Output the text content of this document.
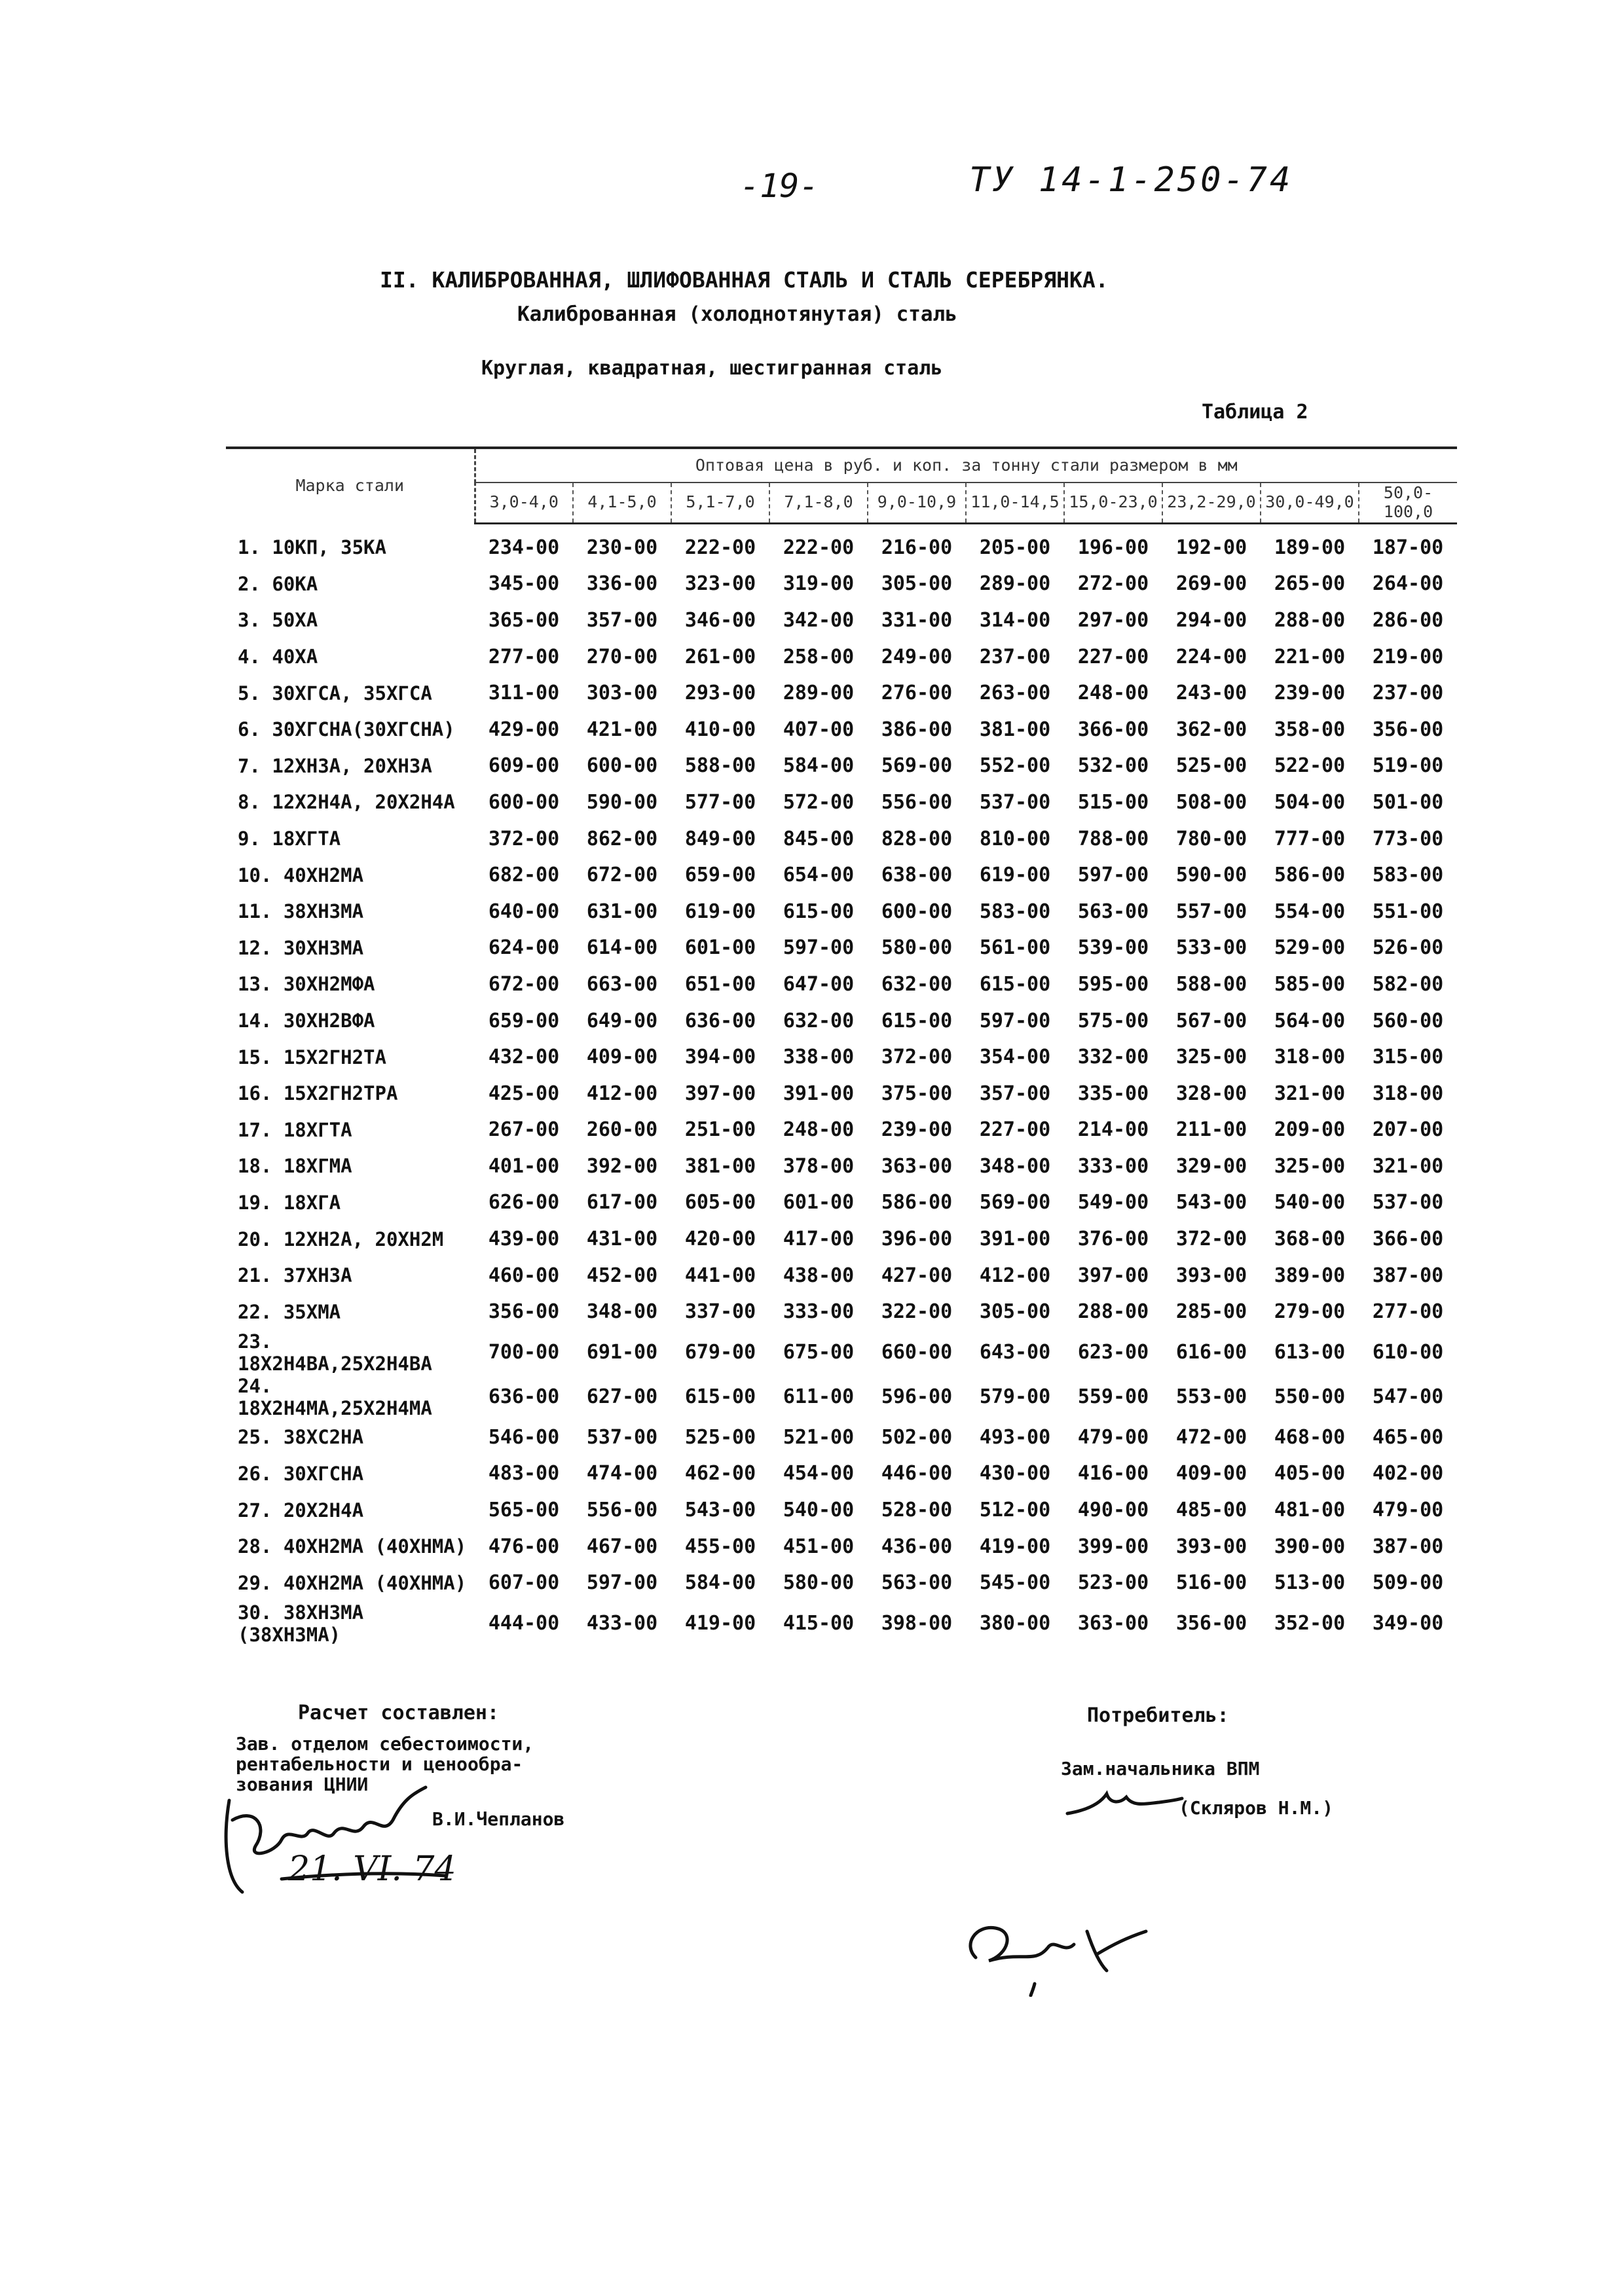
-19-	ТУ 14-1-250-74
II. КАЛИБРОВАННАЯ, ШЛИФОВАННАЯ СТАЛЬ И СТАЛЬ СЕРЕБРЯНКА.
Калиброванная (холоднотянутая) сталь
Круглая, квадратная, шестигранная сталь
Таблица 2
Марка стали	Оптовая цена в руб. и коп. за тонну стали размером в мм									
	3,0-4,0	4,1-5,0	5,1-7,0	7,1-8,0	9,0-10,9	11,0-14,5	15,0-23,0	23,2-29,0	30,0-49,0	50,0-100,0
1. 10КП, 35КА	234-00	230-00	222-00	222-00	216-00	205-00	196-00	192-00	189-00	187-00
2. 60КА	345-00	336-00	323-00	319-00	305-00	289-00	272-00	269-00	265-00	264-00
3. 50ХА	365-00	357-00	346-00	342-00	331-00	314-00	297-00	294-00	288-00	286-00
4. 40ХА	277-00	270-00	261-00	258-00	249-00	237-00	227-00	224-00	221-00	219-00
5. 30ХГСА, 35ХГСА	311-00	303-00	293-00	289-00	276-00	263-00	248-00	243-00	239-00	237-00
6. 30ХГСНА(30ХГСНА)	429-00	421-00	410-00	407-00	386-00	381-00	366-00	362-00	358-00	356-00
7. 12ХН3А, 20ХН3А	609-00	600-00	588-00	584-00	569-00	552-00	532-00	525-00	522-00	519-00
8. 12Х2Н4А, 20Х2Н4А	600-00	590-00	577-00	572-00	556-00	537-00	515-00	508-00	504-00	501-00
9. 18ХГТА	372-00	862-00	849-00	845-00	828-00	810-00	788-00	780-00	777-00	773-00
10. 40ХН2МА	682-00	672-00	659-00	654-00	638-00	619-00	597-00	590-00	586-00	583-00
11. 38ХН3МА	640-00	631-00	619-00	615-00	600-00	583-00	563-00	557-00	554-00	551-00
12. 30ХН3МА	624-00	614-00	601-00	597-00	580-00	561-00	539-00	533-00	529-00	526-00
13. 30ХН2МФА	672-00	663-00	651-00	647-00	632-00	615-00	595-00	588-00	585-00	582-00
14. 30ХН2ВФА	659-00	649-00	636-00	632-00	615-00	597-00	575-00	567-00	564-00	560-00
15. 15Х2ГН2ТА	432-00	409-00	394-00	338-00	372-00	354-00	332-00	325-00	318-00	315-00
16. 15Х2ГН2ТРА	425-00	412-00	397-00	391-00	375-00	357-00	335-00	328-00	321-00	318-00
17. 18ХГТА	267-00	260-00	251-00	248-00	239-00	227-00	214-00	211-00	209-00	207-00
18. 18ХГМА	401-00	392-00	381-00	378-00	363-00	348-00	333-00	329-00	325-00	321-00
19. 18ХГА	626-00	617-00	605-00	601-00	586-00	569-00	549-00	543-00	540-00	537-00
20. 12ХН2А, 20ХН2М	439-00	431-00	420-00	417-00	396-00	391-00	376-00	372-00	368-00	366-00
21. 37ХН3А	460-00	452-00	441-00	438-00	427-00	412-00	397-00	393-00	389-00	387-00
22. 35ХМА	356-00	348-00	337-00	333-00	322-00	305-00	288-00	285-00	279-00	277-00
23. 18Х2Н4ВА,25Х2Н4ВА	700-00	691-00	679-00	675-00	660-00	643-00	623-00	616-00	613-00	610-00
24. 18Х2Н4МА,25Х2Н4МА	636-00	627-00	615-00	611-00	596-00	579-00	559-00	553-00	550-00	547-00
25. 38ХС2НА	546-00	537-00	525-00	521-00	502-00	493-00	479-00	472-00	468-00	465-00
26. 30ХГСНА	483-00	474-00	462-00	454-00	446-00	430-00	416-00	409-00	405-00	402-00
27. 20Х2Н4А	565-00	556-00	543-00	540-00	528-00	512-00	490-00	485-00	481-00	479-00
28. 40ХН2МА (40ХНМА)	476-00	467-00	455-00	451-00	436-00	419-00	399-00	393-00	390-00	387-00
29. 40ХН2МА (40ХНМА)	607-00	597-00	584-00	580-00	563-00	545-00	523-00	516-00	513-00	509-00
30. 38ХН3МА (38ХН3МА)	444-00	433-00	419-00	415-00	398-00	380-00	363-00	356-00	352-00	349-00
Расчет составлен:
Зав. отделом себестоимости,
рентабельности и ценообра-
зования ЦНИИ
В.И.Чепланов
21. VI. 74
Потребитель:
Зам.начальника ВПМ
(Скляров Н.М.)
